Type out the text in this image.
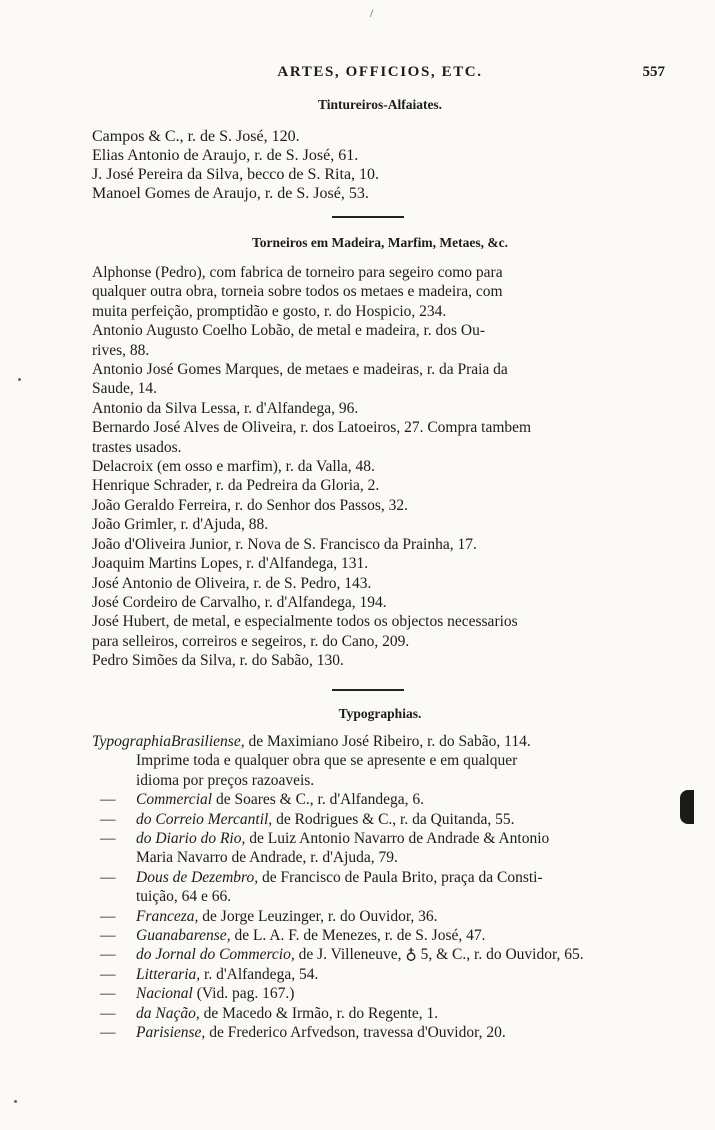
/
ARTES, OFFICIOS, ETC.	557
Tintureiros-Alfaiates.
Campos & C., r. de S. José, 120.
Elias Antonio de Araujo, r. de S. José, 61.
J. José Pereira da Silva, becco de S. Rita, 10.
Manoel Gomes de Araujo, r. de S. José, 53.
Torneiros em Madeira, Marfim, Metaes, &c.
Alphonse (Pedro), com fabrica de torneiro para segeiro como para
qualquer outra obra, torneia sobre todos os metaes e madeira, com
muita perfeição, promptidão e gosto, r. do Hospicio, 234.
Antonio Augusto Coelho Lobão, de metal e madeira, r. dos Ou-
rives, 88.
Antonio José Gomes Marques, de metaes e madeiras, r. da Praia da
Saude, 14.
Antonio da Silva Lessa, r. d'Alfandega, 96.
Bernardo José Alves de Oliveira, r. dos Latoeiros, 27. Compra tambem
trastes usados.
Delacroix (em osso e marfim), r. da Valla, 48.
Henrique Schrader, r. da Pedreira da Gloria, 2.
João Geraldo Ferreira, r. do Senhor dos Passos, 32.
João Grimler, r. d'Ajuda, 88.
João d'Oliveira Junior, r. Nova de S. Francisco da Prainha, 17.
Joaquim Martins Lopes, r. d'Alfandega, 131.
José Antonio de Oliveira, r. de S. Pedro, 143.
José Cordeiro de Carvalho, r. d'Alfandega, 194.
José Hubert, de metal, e especialmente todos os objectos necessarios
para selleiros, correiros e segeiros, r. do Cano, 209.
Pedro Simões da Silva, r. do Sabão, 130.
Typographias.
TypographiaBrasiliense, de Maximiano José Ribeiro, r. do Sabão, 114.
Imprime toda e qualquer obra que se apresente e em qualquer
idioma por preços razoaveis.
— Commercial de Soares & C., r. d'Alfandega, 6.
— do Correio Mercantil, de Rodrigues & C., r. da Quitanda, 55.
— do Diario do Rio, de Luiz Antonio Navarro de Andrade & Antonio
Maria Navarro de Andrade, r. d'Ajuda, 79.
— Dous de Dezembro, de Francisco de Paula Brito, praça da Consti-
tuição, 64 e 66.
— Franceza, de Jorge Leuzinger, r. do Ouvidor, 36.
— Guanabarense, de L. A. F. de Menezes, r. de S. José, 47.
— do Jornal do Commercio, de J. Villeneuve, ♁ 5, & C., r. do Ouvidor, 65.
— Litteraria, r. d'Alfandega, 54.
— Nacional (Vid. pag. 167.)
— da Nação, de Macedo & Irmão, r. do Regente, 1.
— Parisiense, de Frederico Arfvedson, travessa d'Ouvidor, 20.
